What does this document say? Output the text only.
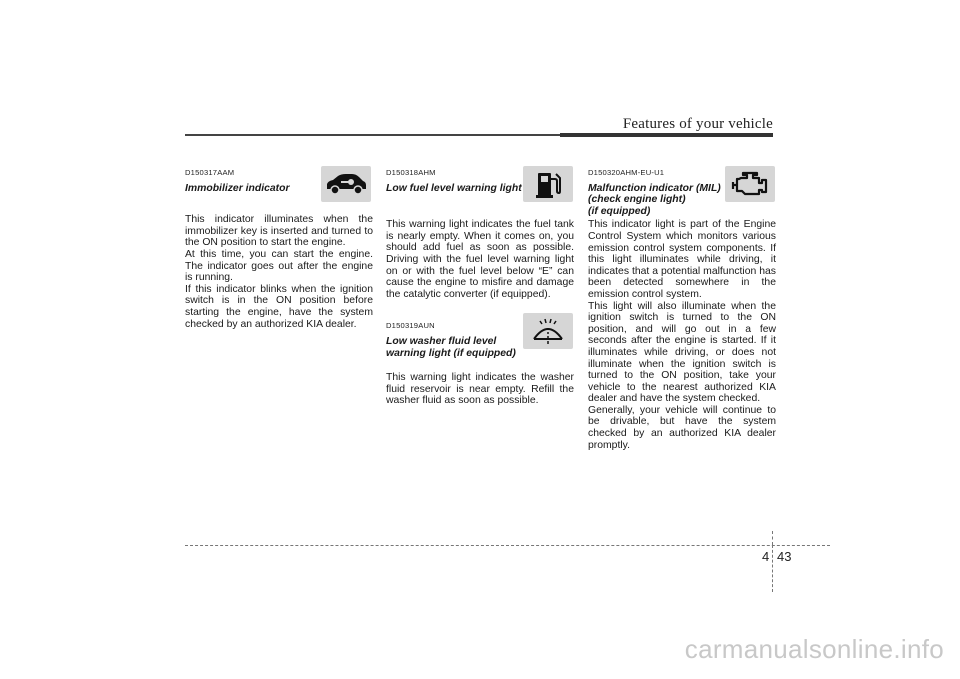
Features of your vehicle
D150317AAM

Immobilizer indicator

This indicator illuminates when the immobilizer key is inserted and turned to the ON position to start the engine.

At this time, you can start the engine. The indicator goes out after the engine is running.

If this indicator blinks when the ignition switch is in the ON position before starting the engine, have the system checked by an authorized KIA dealer.

D150318AHM

Low fuel level warning light

This warning light indicates the fuel tank is nearly empty. When it comes on, you should add fuel as soon as possible. Driving with the fuel level warning light on or with the fuel level below “E” can cause the engine to misfire and damage the catalytic converter (if equipped).

D150319AUN

Low washer fluid level

warning light (if equipped)

This warning light indicates the washer fluid reservoir is near empty. Refill the washer fluid as soon as possible.

D150320AHM-EU-U1

Malfunction indicator (MIL)

(check engine light)

(if equipped)

This indicator light is part of the Engine Control System which monitors various emission control system components. If this light illuminates while driving, it indicates that a potential malfunction has been detected somewhere in the emission control system.

This light will also illuminate when the ignition switch is turned to the ON position, and will go out in a few seconds after the engine is started. If it illuminates while driving, or does not illuminate when the ignition switch is turned to the ON position, take your vehicle to the nearest authorized KIA dealer and have the system checked.

Generally, your vehicle will continue to be drivable, but have the system checked by an authorized KIA dealer promptly.

4 43
carmanualsonline.info
